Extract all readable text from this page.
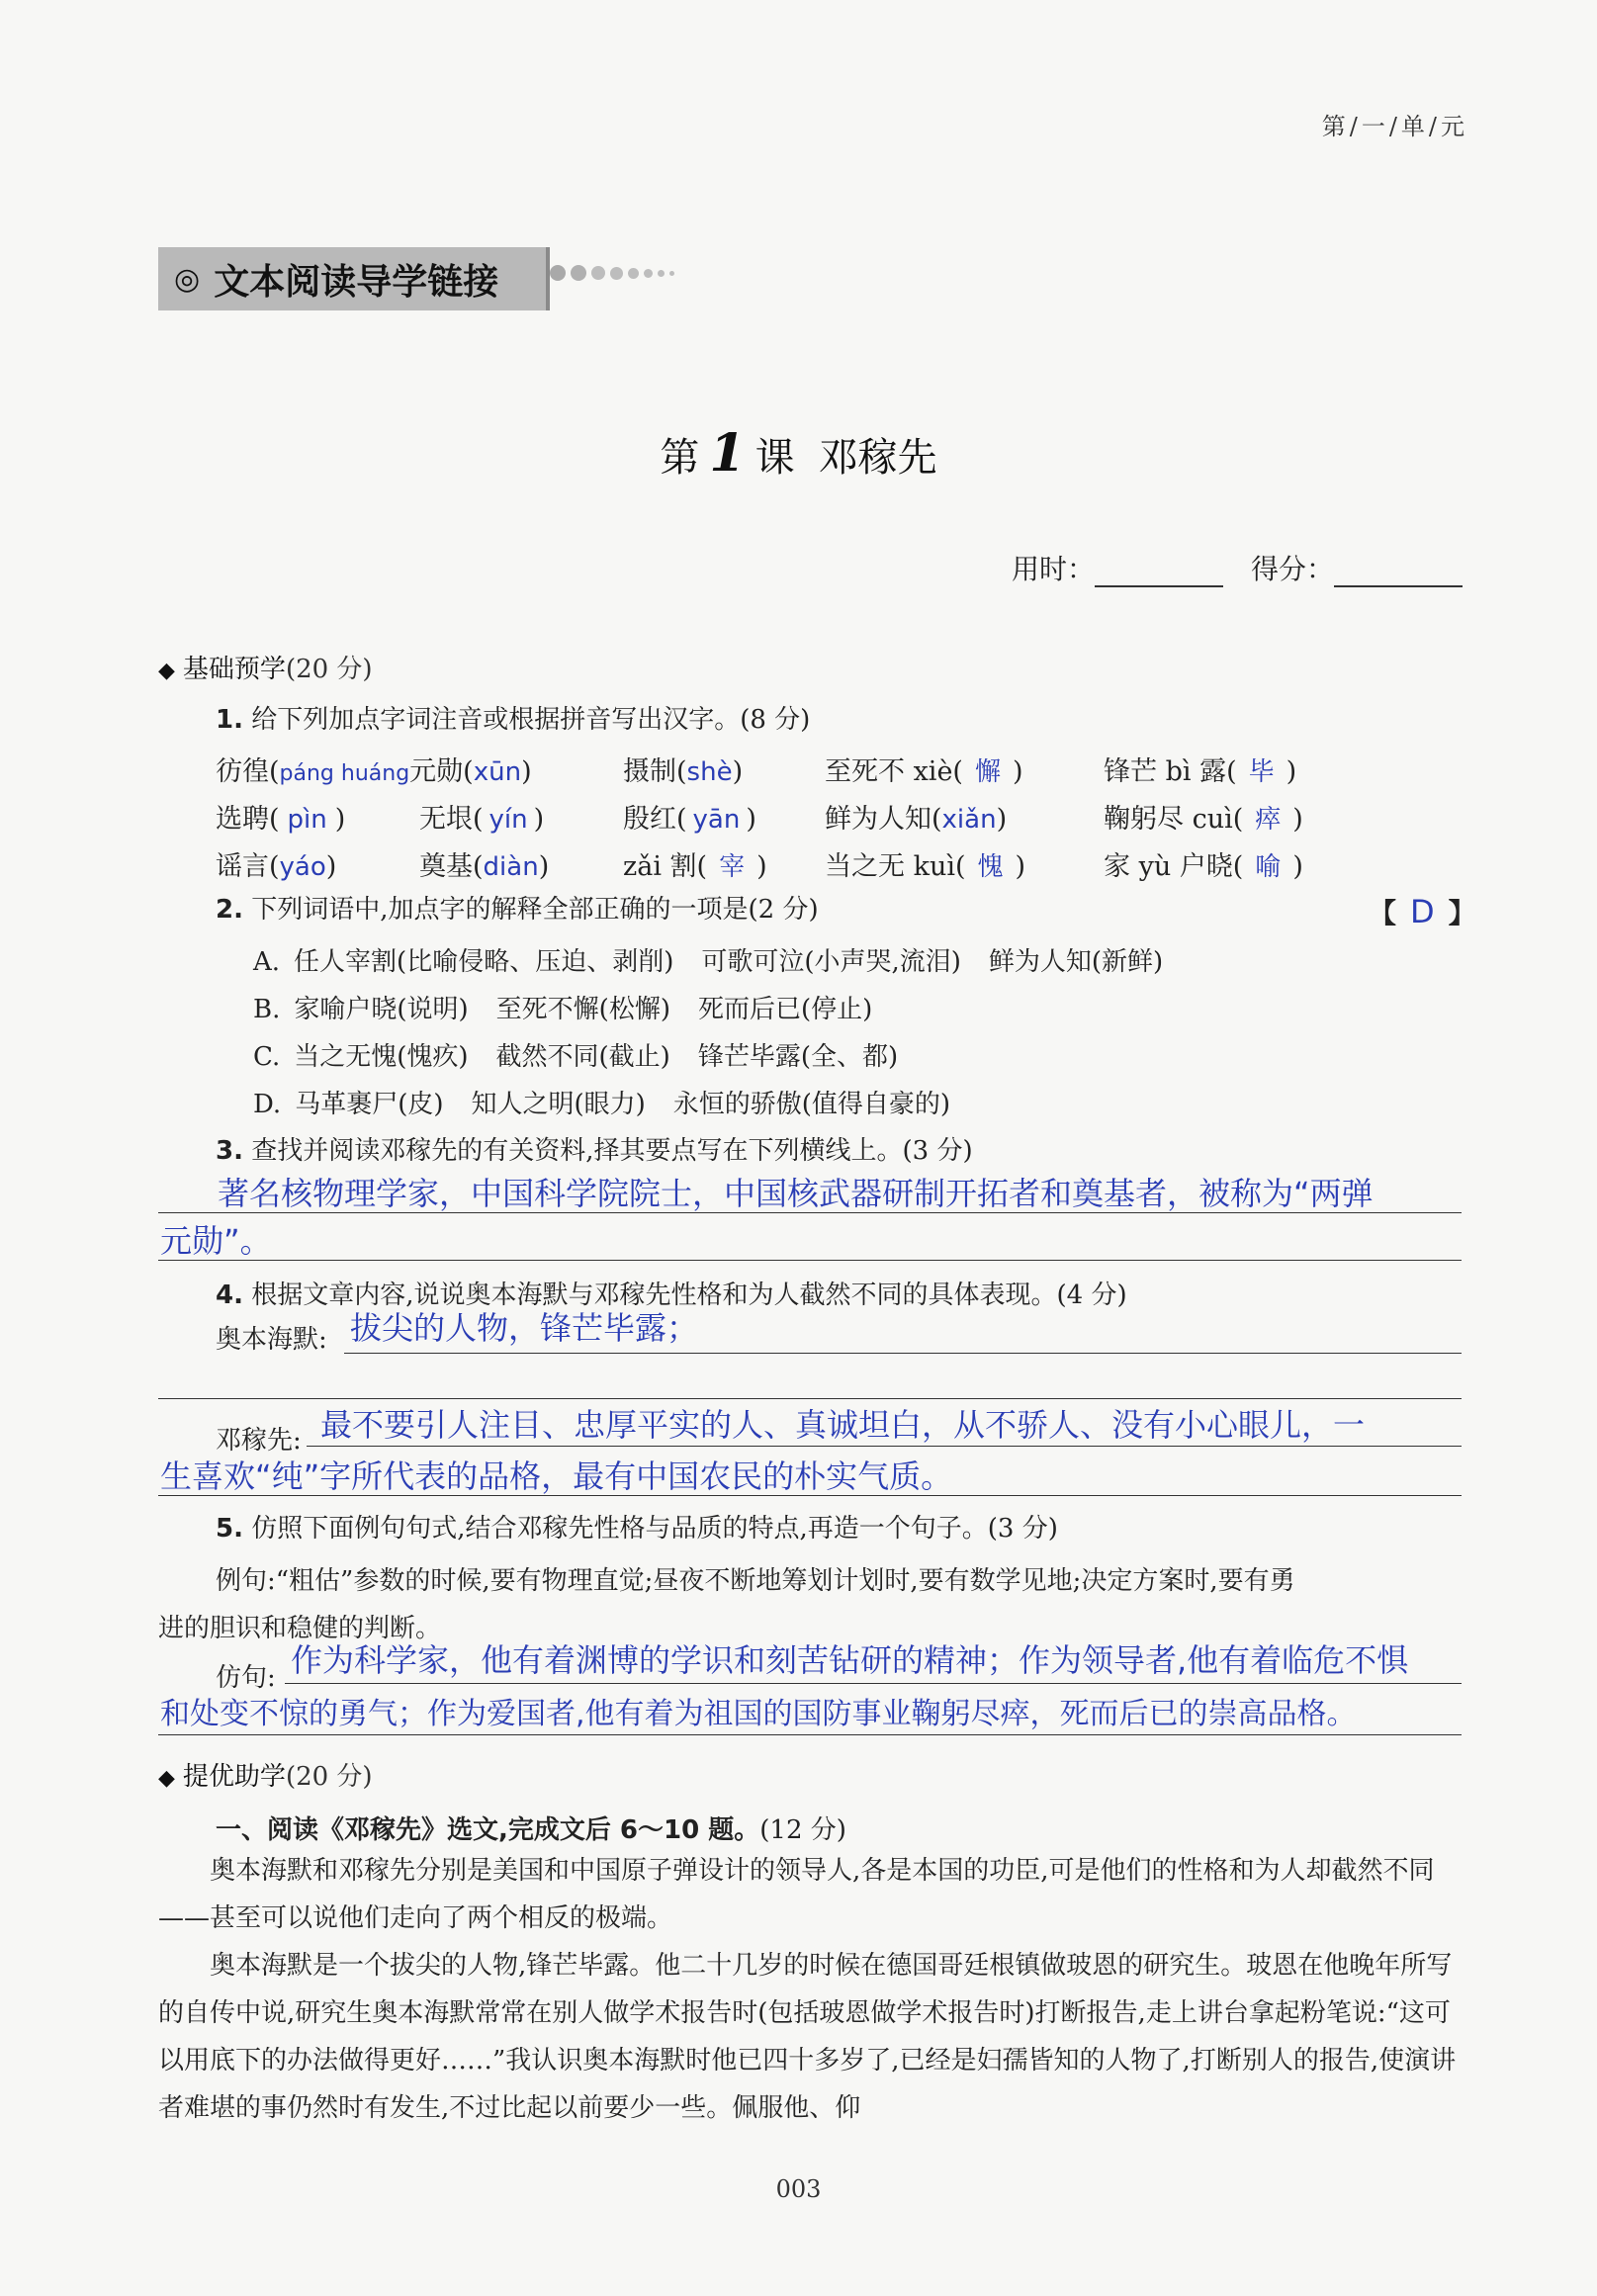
第/一/单/元
◎ 文本阅读导学链接
第 1 课 邓稼先
用时：	得分：
◆ 基础预学(20 分)
1. 给下列加点字词注音或根据拼音写出汉字。(8 分)
彷徨(páng huáng元勋(xūn)	摄制(shè)	至死不 xiè( 懈 )	锋芒 bì 露( 毕 )
选聘( pìn )	无垠( yín )	殷红( yān )	鲜为人知(xiǎn)	鞠躬尽 cuì( 瘁 )
谣言(yáo)	奠基(diàn)	zǎi 割( 宰 ) 当之无 kuì( 愧 )	家 yù 户晓( 喻 )
2. 下列词语中,加点字的解释全部正确的一项是(2 分)	【 D 】
A. 任人宰割(比喻侵略、压迫、剥削) 可歌可泣(小声哭,流泪) 鲜为人知(新鲜)
B. 家喻户晓(说明) 至死不懈(松懈) 死而后已(停止)
C. 当之无愧(愧疚) 截然不同(截止) 锋芒毕露(全、都)
D. 马革裹尸(皮) 知人之明(眼力) 永恒的骄傲(值得自豪的)
3. 查找并阅读邓稼先的有关资料,择其要点写在下列横线上。(3 分)
著名核物理学家，中国科学院院士，中国核武器研制开拓者和奠基者，被称为“两弹
元勋”。
4. 根据文章内容,说说奥本海默与邓稼先性格和为人截然不同的具体表现。(4 分)
奥本海默: 拔尖的人物，锋芒毕露；
邓稼先: 最不要引人注目、忠厚平实的人、真诚坦白，从不骄人、没有小心眼儿，一
生喜欢“纯”字所代表的品格，最有中国农民的朴实气质。
5. 仿照下面例句句式,结合邓稼先性格与品质的特点,再造一个句子。(3 分)
例句:“粗估”参数的时候,要有物理直觉;昼夜不断地筹划计划时,要有数学见地;决定方案时,要有勇
进的胆识和稳健的判断。
仿句: 作为科学家，他有着渊博的学识和刻苦钻研的精神；作为领导者,他有着临危不惧
和处变不惊的勇气；作为爱国者,他有着为祖国的国防事业鞠躬尽瘁，死而后已的崇高品格。
◆ 提优助学(20 分)
一、阅读《邓稼先》选文,完成文后 6～10 题。(12 分)
奥本海默和邓稼先分别是美国和中国原子弹设计的领导人,各是本国的功臣,可是他们的性格和为人却截然不同——甚至可以说他们走向了两个相反的极端。
奥本海默是一个拔尖的人物,锋芒毕露。他二十几岁的时候在德国哥廷根镇做玻恩的研究生。玻恩在他晚年所写的自传中说,研究生奥本海默常常在别人做学术报告时(包括玻恩做学术报告时)打断报告,走上讲台拿起粉笔说:“这可以用底下的办法做得更好……”我认识奥本海默时他已四十多岁了,已经是妇孺皆知的人物了,打断别人的报告,使演讲者难堪的事仍然时有发生,不过比起以前要少一些。佩服他、仰
003
